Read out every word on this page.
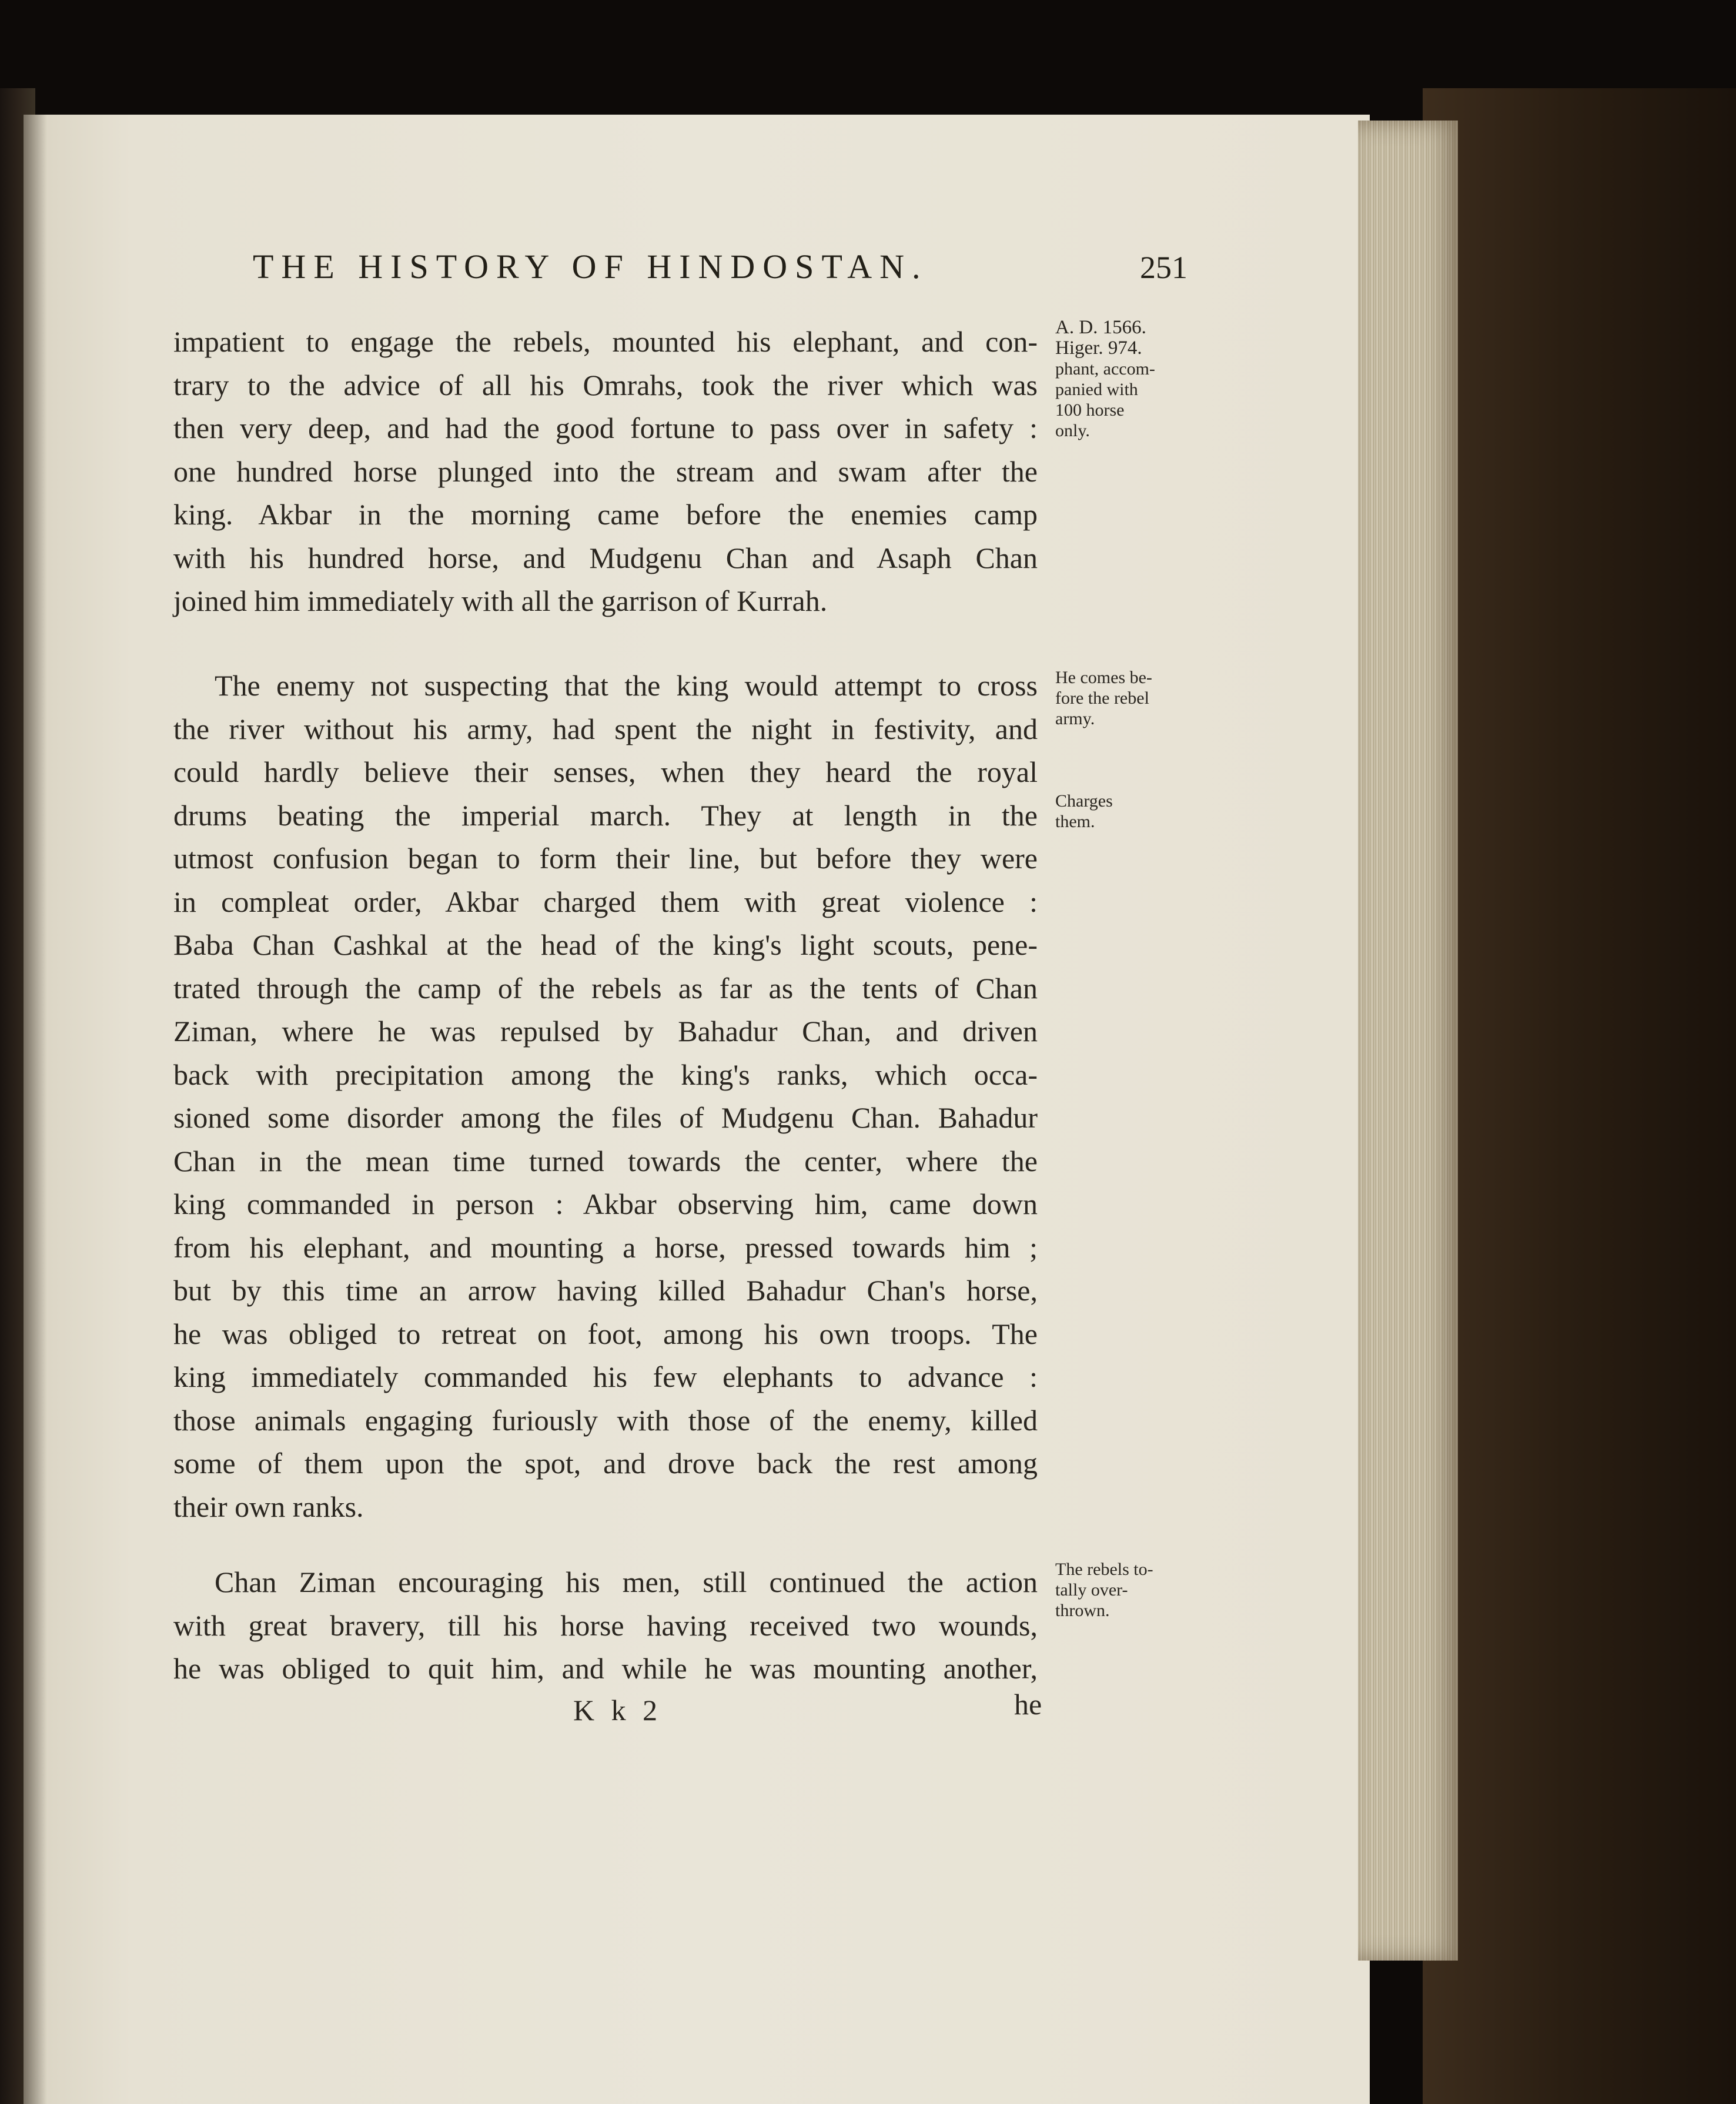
THE HISTORY OF HINDOSTAN.	251
impatient to engage the rebels, mounted his elephant, and con-
trary to the advice of all his Omrahs, took the river which was
then very deep, and had the good fortune to pass over in safety :
one hundred horse plunged into the stream and swam after the
king. Akbar in the morning came before the enemies camp
with his hundred horse, and Mudgenu Chan and Asaph Chan
joined him immediately with all the garrison of Kurrah.
The enemy not suspecting that the king would attempt to cross
the river without his army, had spent the night in festivity, and
could hardly believe their senses, when they heard the royal
drums beating the imperial march. They at length in the
utmost confusion began to form their line, but before they were
in compleat order, Akbar charged them with great violence :
Baba Chan Cashkal at the head of the king's light scouts, pene-
trated through the camp of the rebels as far as the tents of Chan
Ziman, where he was repulsed by Bahadur Chan, and driven
back with precipitation among the king's ranks, which occa-
sioned some disorder among the files of Mudgenu Chan. Bahadur
Chan in the mean time turned towards the center, where the
king commanded in person : Akbar observing him, came down
from his elephant, and mounting a horse, pressed towards him ;
but by this time an arrow having killed Bahadur Chan's horse,
he was obliged to retreat on foot, among his own troops. The
king immediately commanded his few elephants to advance :
those animals engaging furiously with those of the enemy, killed
some of them upon the spot, and drove back the rest among
their own ranks.
Chan Ziman encouraging his men, still continued the action
with great bravery, till his horse having received two wounds,
he was obliged to quit him, and while he was mounting another,
A. D. 1566.
Higer. 974.
phant, accom-
panied with
100 horse
only.
He comes be-
fore the rebel
army.
Charges
them.
The rebels to-
tally over-
thrown.
K k 2	he
